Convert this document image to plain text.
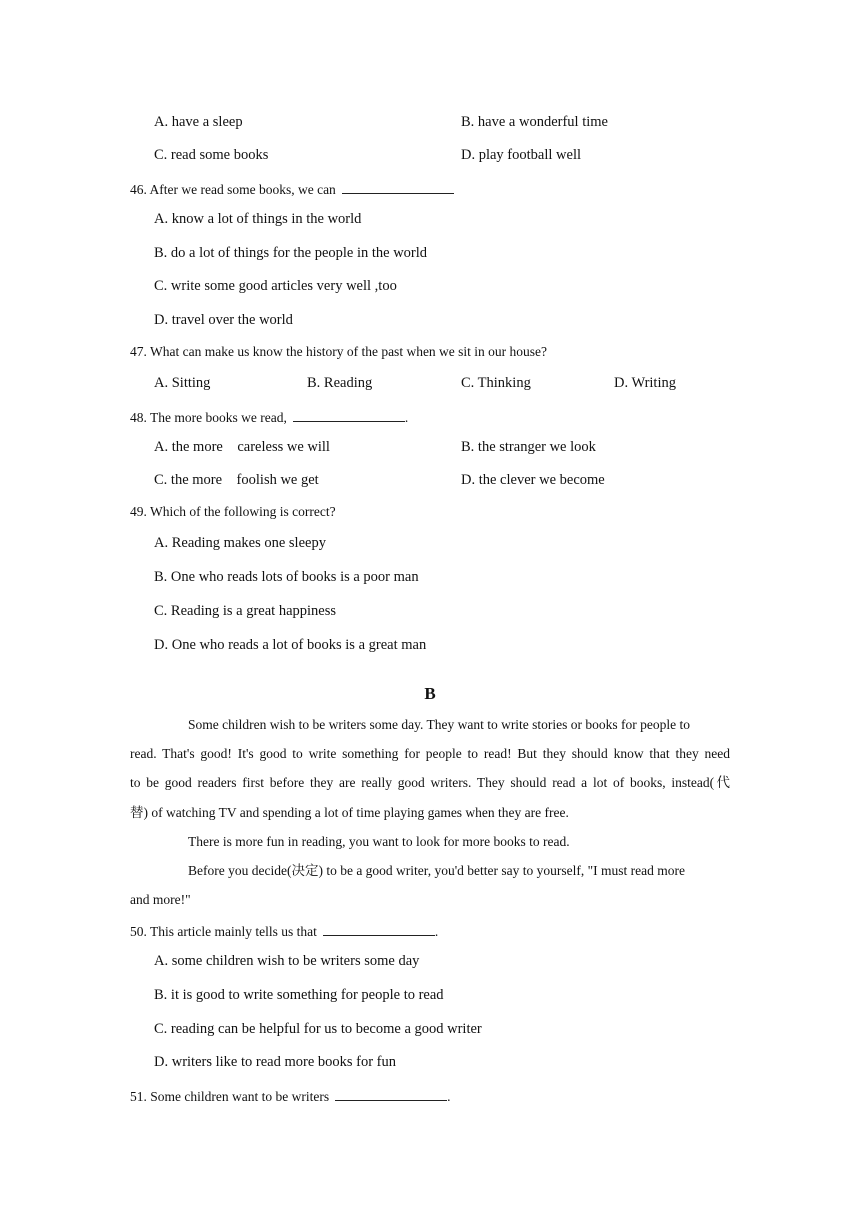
A. have a sleep	B. have a wonderful time
C. read some books	D. play football well
46. After we read some books, we can
A. know a lot of things in the world
B. do a lot of things for the people in the world
C. write some good articles very well ,too
D. travel over the world
47. What can make us know the history of the past when we sit in our house?
A. Sitting	B. Reading	C. Thinking	D. Writing
48. The more books we read,	.
A. the more    careless we will	B. the stranger we look
C. the more    foolish we get	D. the clever we become
49. Which of the following is correct?
A. Reading makes one sleepy
B. One who reads lots of books is a poor man
C. Reading is a great happiness
D. One who reads a lot of books is a great man
B
Some children wish to be writers some day. They want to write stories or books for people to
read. That's good! It's good to write something for people to read! But they should know that they need
to be good readers first before they are really good writers. They should read a lot of books, instead(代
替) of watching TV and spending a lot of time playing games when they are free.
There is more fun in reading, you want to look for more books to read.
Before you decide(决定) to be a good writer, you'd better say to yourself, "I must read more
and more!"
50. This article mainly tells us that	.
A. some children wish to be writers some day
B. it is good to write something for people to read
C. reading can be helpful for us to become a good writer
D. writers like to read more books for fun
51. Some children want to be writers	.
